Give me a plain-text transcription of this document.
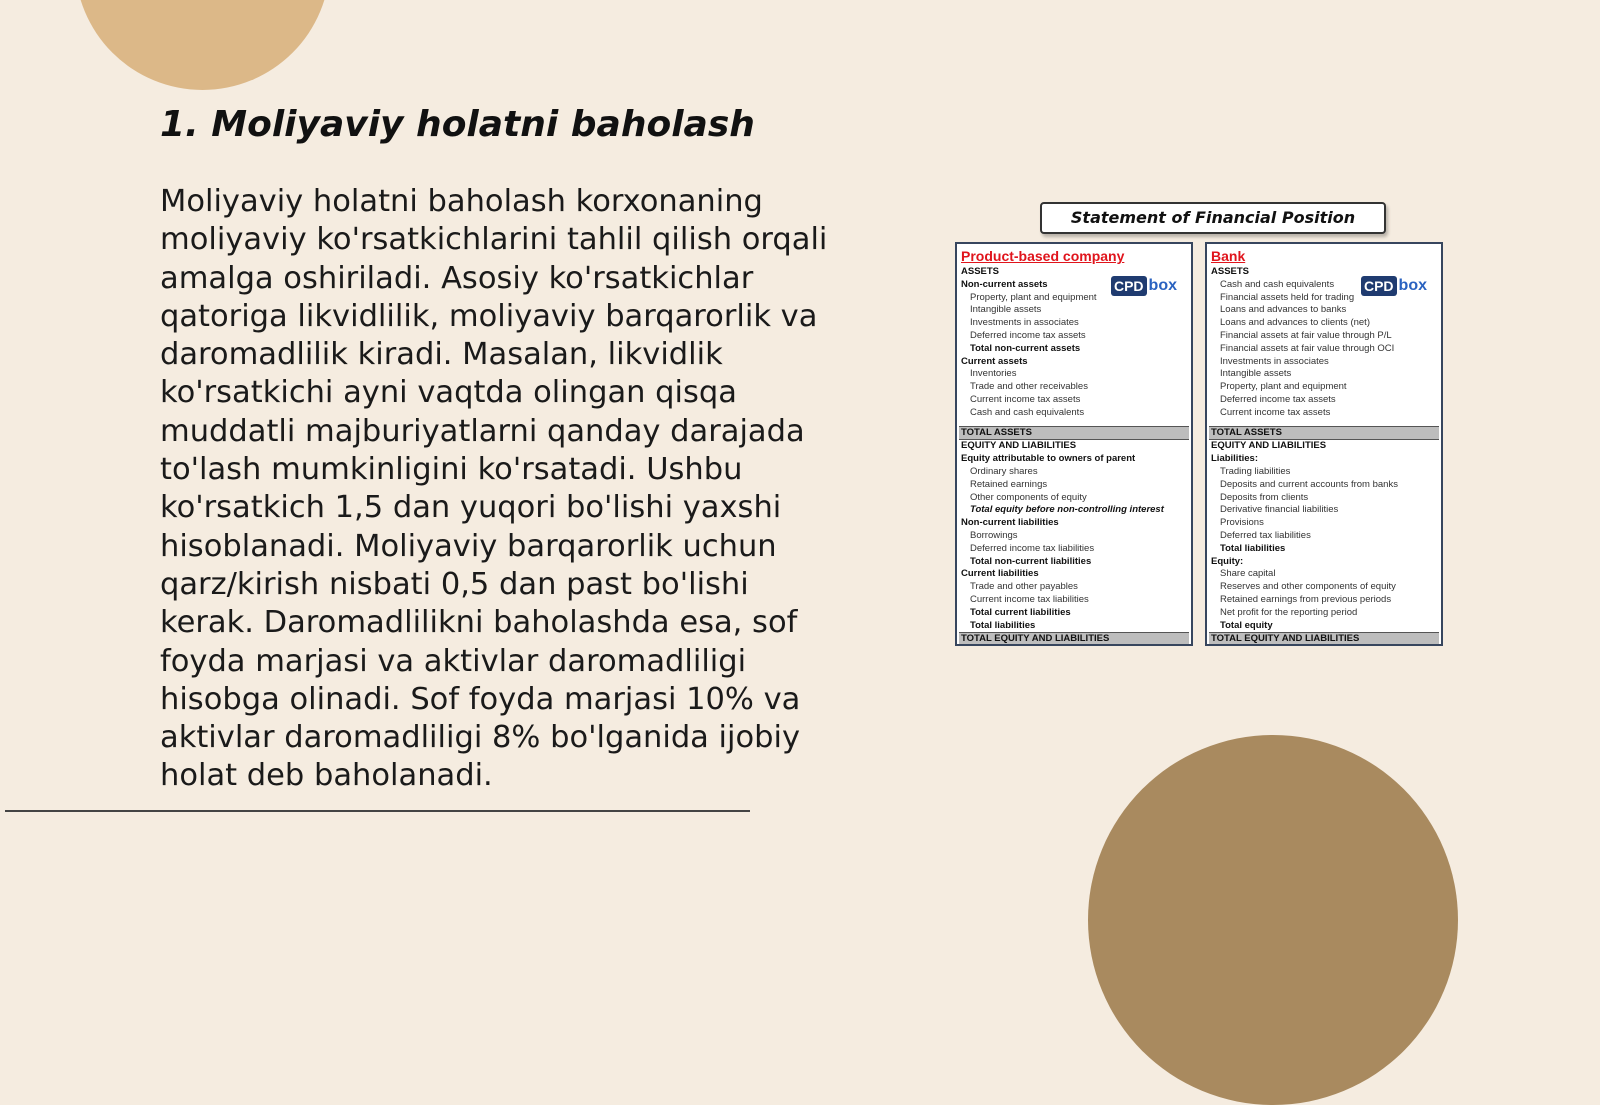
1. Moliyaviy holatni baholash

Moliyaviy holatni baholash korxonaning moliyaviy ko'rsatkichlarini tahlil qilish orqali amalga oshiriladi. Asosiy ko'rsatkichlar qatoriga likvidlilik, moliyaviy barqarorlik va daromadlilik kiradi. Masalan, likvidlik ko'rsatkichi ayni vaqtda olingan qisqa muddatli majburiyatlarni qanday darajada to'lash mumkinligini ko'rsatadi. Ushbu ko'rsatkich 1,5 dan yuqori bo'lishi yaxshi hisoblanadi. Moliyaviy barqarorlik uchun qarz/kirish nisbati 0,5 dan past bo'lishi kerak. Daromadlilikni baholashda esa, sof foyda marjasi va aktivlar daromadliligi hisobga olinadi. Sof foyda marjasi 10% va aktivlar daromadliligi 8% bo'lganida ijobiy holat deb baholanadi.

Statement of Financial Position
Product-based company
CPD box
ASSETS
Non-current assets
Property, plant and equipment
Intangible assets
Investments in associates
Deferred income tax assets
Total non-current assets
Current assets
Inventories
Trade and other receivables
Current income tax assets
Cash and cash equivalents
TOTAL ASSETS
EQUITY AND LIABILITIES
Equity attributable to owners of parent
Ordinary shares
Retained earnings
Other components of equity
Total equity before non-controlling interest
Non-current liabilities
Borrowings
Deferred income tax liabilities
Total non-current liabilities
Current liabilities
Trade and other payables
Current income tax liabilities
Total current liabilities
Total liabilities
TOTAL EQUITY AND LIABILITIES
Bank
CPD box
ASSETS
Cash and cash equivalents
Financial assets held for trading
Loans and advances to banks
Loans and advances to clients (net)
Financial assets at fair value through P/L
Financial assets at fair value through OCI
Investments in associates
Intangible assets
Property, plant and equipment
Deferred income tax assets
Current income tax assets
TOTAL ASSETS
EQUITY AND LIABILITIES
Liabilities:
Trading liabilities
Deposits and current accounts from banks
Deposits from clients
Derivative financial liabilities
Provisions
Deferred tax liabilities
Total liabilities
Equity:
Share capital
Reserves and other components of equity
Retained earnings from previous periods
Net profit for the reporting period
Total equity
TOTAL EQUITY AND LIABILITIES
